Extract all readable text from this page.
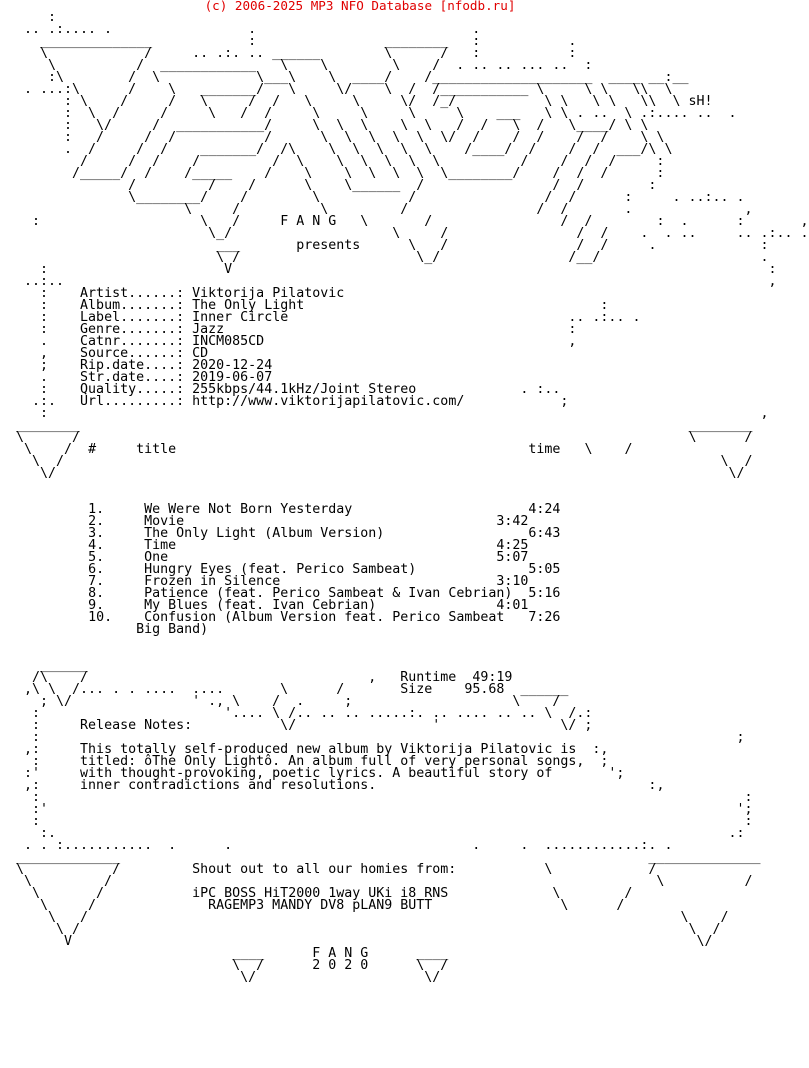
(c) 2006-2025 MP3 NFO Database [nfodb.ru]
:
.. .:.... .                 .                           .
______________            :                ________   :           .
\            /     .. .:. .. ______        \      /   :           :
\          /  ____________   \    \        \    /  . .. .. ... ..  :
:\        /  \            \___\    \  ____/    /____________________  ____ __:__
. ...:\      /    \   _______/   \     \/    \  /  /___________ \     \ \   \\  \
: \    /     /   \     /  /   \     \     \/  /_/           \ \   \ \   \\  \ sH!
:  \  /     /     \   /  /     \     \     \     \    ___   \ \ . ..  \ .:.... ..  .
:   \/     /  ___________/     \  \  \    \  \   /  /   \  /   \____/ \ \
:   /     /  /           /      \  \  \  \  \  \/  /    /  /    /  /    \ \
.  /     /  /    _______/  /\    \  \  \  \  \    /____/  /    /  /  ___/\ \
/     /  /    /         /  \    \  \  \  \  \          /    /  /  /     :
/_____/  /    /_____    /    \    \  \  \  \  \________/    /  /  /      :
/         /    /      \    \______  /                /  /        :
\________/    /        \           /                /  /      :     . ..:.. .
\     /          \         /                /  /       .              ,
:                    \   /	F A N G   \       /                /  /        :  .      :       ,
\_/                    \     /                /  /    .  . ..     .. .:.. .
___	presents	\   /                /  /     .             :
\ /                      \_/                /__/                    .
:                      V                                                                   :
..:..                                                                                        ,
:    Artist......: Viktorija Pilatovic
:    Album.......: The Only Light	:
:    Label.......: Inner Circle	.. .:.. .
:    Genre.......: Jazz	:
.    Catnr.......: INCM085CD	,
,    Source......: CD
;    Rip.date....: 2020-12-24
.    Str.date....: 2019-06-07
:    Quality.....: 255kbps/44.1kHz/Joint Stereo	. :..
.:.   Url.........: http://www.viktorijapilatovic.com/	;
:                                                                                         ,
________                                                                            ________
\      /                                                                            \      /
\    /  #	title	time   \    /
\  /                                                                                  \  /
\/                                                                                    \/

1.	We Were Not Born Yesterday	4:24
2.	Movie	3:42
3.	The Only Light (Album Version)	6:43
4.	Time	4:25
5.	One	5:07
6.	Hungry Eyes (feat. Perico Sambeat)	5:05
7.	Frozen in Silence	3:10
8.	Patience (feat. Perico Sambeat & Ivan Cebrian) 5:16
9.	My Blues (feat. Ivan Cebrian)	4:01
10. Confusion (Album Version feat. Perico Sambeat 7:26
Big Band)

______
/\    /                                   ,   Runtime 49:19
,\ \  /... . . ....  ....       \      /	Size 95.68  ______
; \/               ' ., \    /  .     ;                    \    /
:                       '.... \ /.. .. .. .....:. .. .... .. .. \  /.:
:	Release Notes:	\/                 '               \/ ;
:                                                                                       ;
,:	This totally self-produced new album by Viktorija Pilatovic is  :,
:	titled: ôThe Only Lightô. An album full of very personal songs,  ;
:'	with thought-provoking, poetic lyrics. A beautiful story of	';
,:	inner contradictions and resolutions.	:,
:                                                                                        :
:'                                                                                      ';
:                                                                                        :
:.                                                                                    .:
. . :...........  .      .                              .     .  ............:. .
_____________                                                                  ______________
\           /	Shout out to all our homies from:	\            /
\         /                                                                    \          /
\       /	iPC BOSS HiT2000 1way UKi i8 RNS	\        /
\     /	RAGEMP3 MANDY DV8 pLAN9 BUTT	\      /
\   /                                                                          \    /
\ /                                                                            \  /
V                                                                              \/
____	F A N G	____
\  /	2 0 2 0	\  /
\/                     \/
